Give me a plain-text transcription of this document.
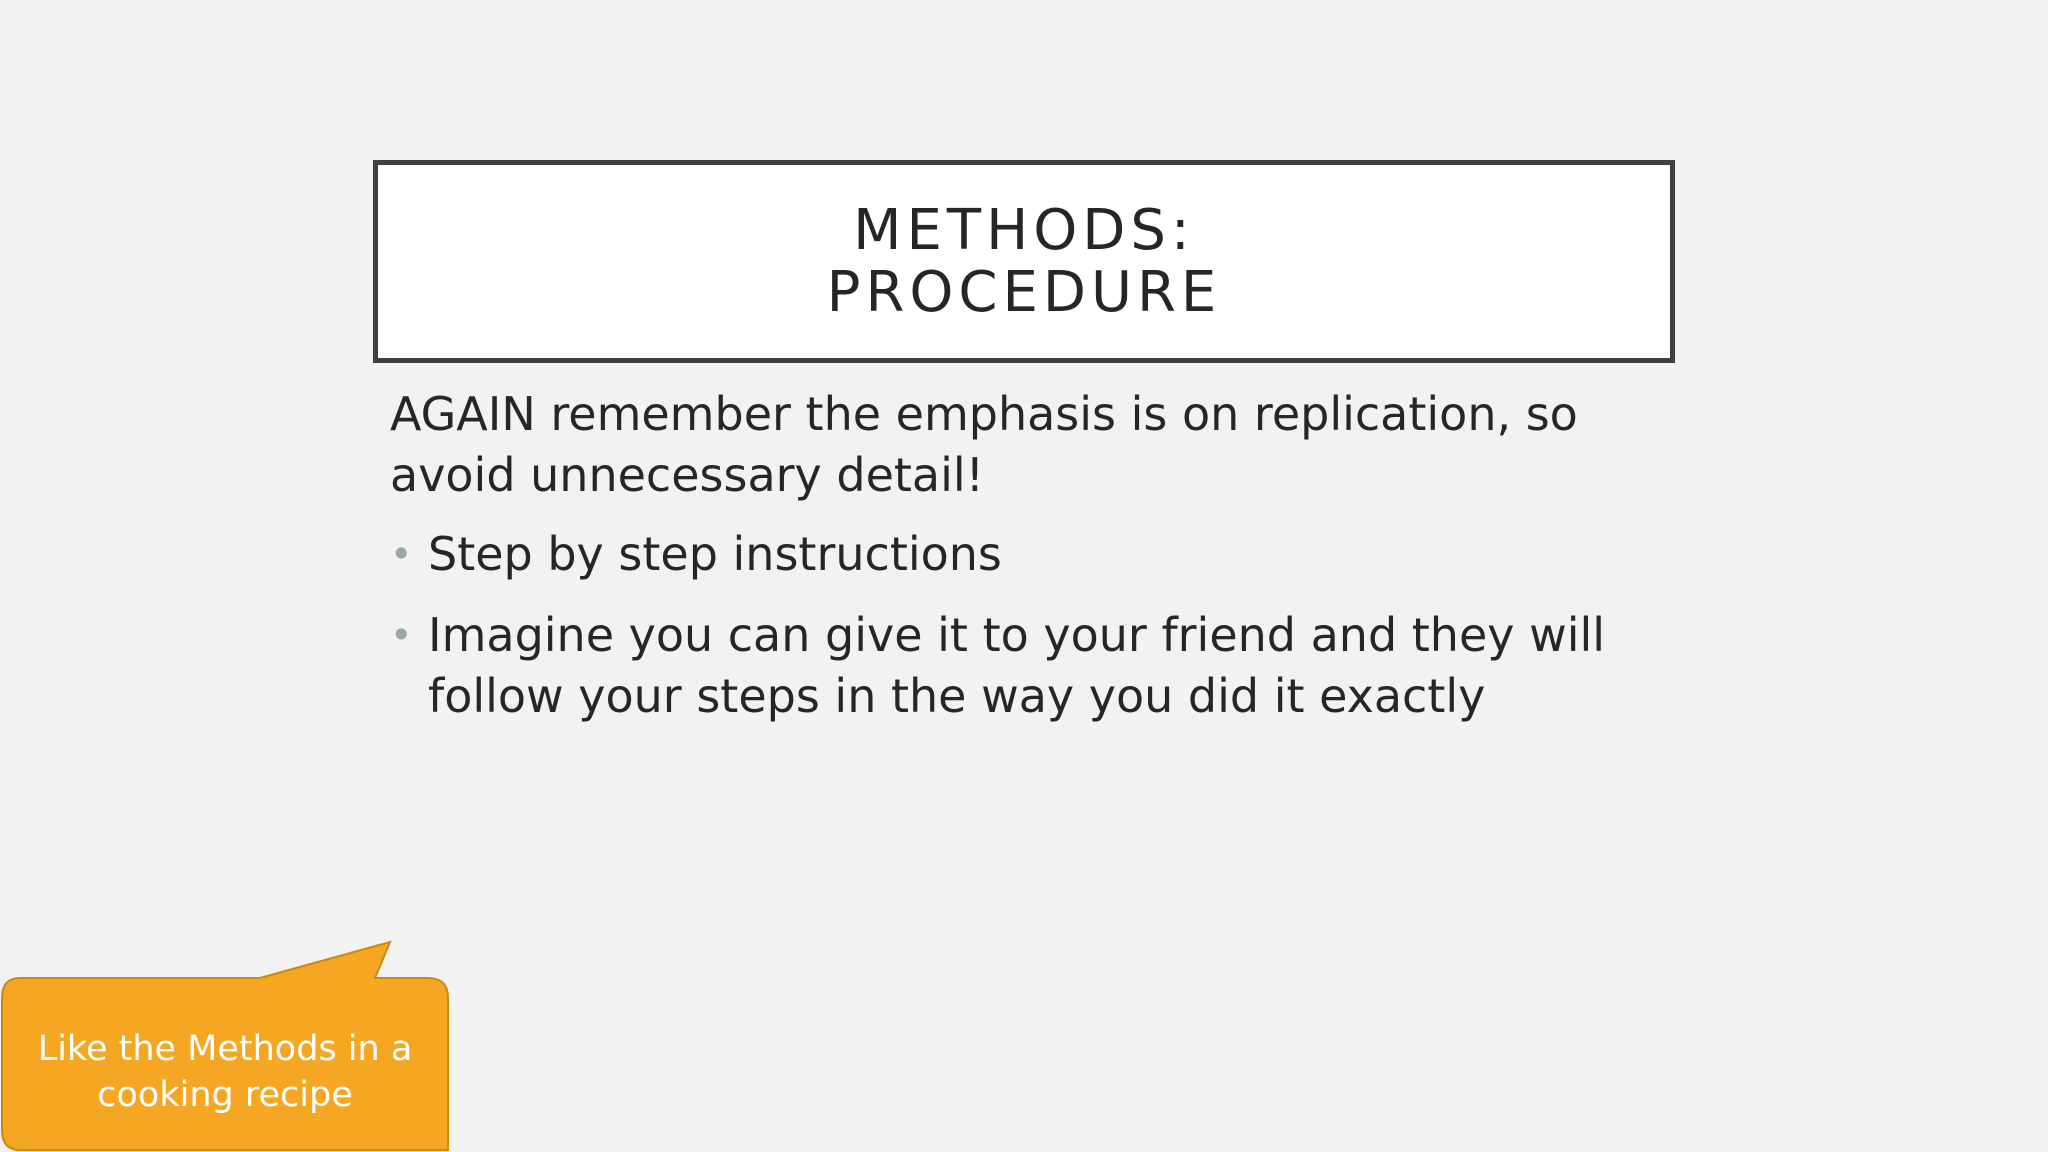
METHODS:
PROCEDURE

AGAIN remember the emphasis is on replication, so avoid unnecessary detail!

• Step by step instructions
• Imagine you can give it to your friend and they will follow your steps in the way you did it exactly
Like the Methods in a
cooking recipe
